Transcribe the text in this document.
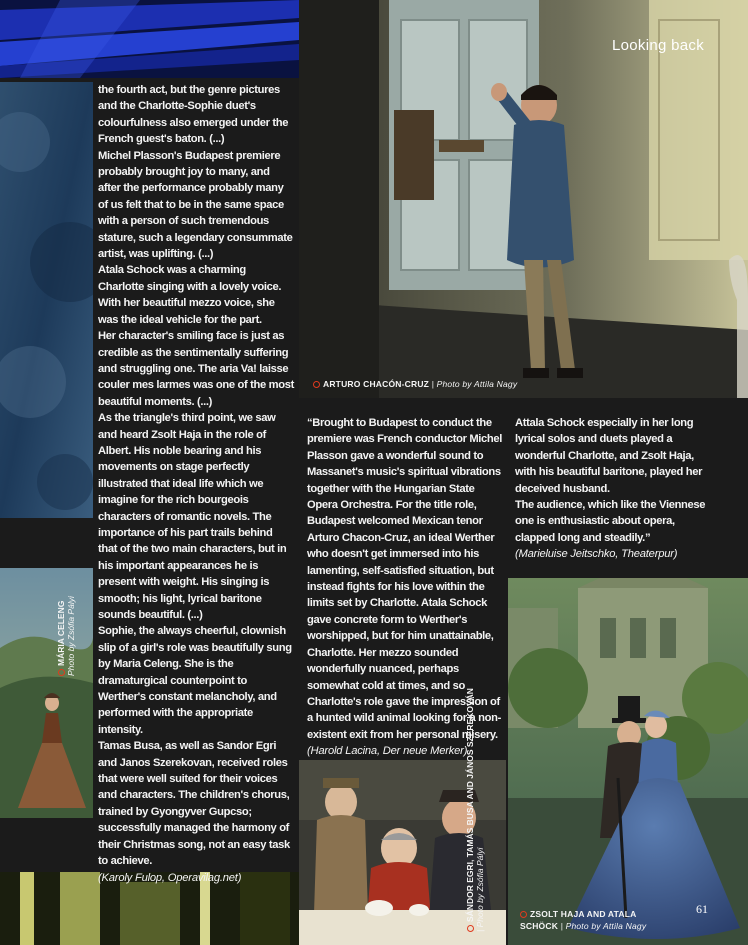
Looking back
ARTURO CHACÓN-CRUZ | Photo by Attila Nagy
MÁRIA CELENG Photo by Zsófia Pályi
SÁNDOR EGRI, TAMÁS BUSA AND JÁNOS SZEREKOVÁN | Photo by Zsófia Pályi	ZSOLT HAJA AND ATALA
SCHÖCK | Photo by Attila Nagy

the fourth act, but the genre pictures and the Charlotte-Sophie duet's colourfulness also emerged under the French guest's baton. (...)

Michel Plasson's Budapest premiere probably brought joy to many, and after the performance probably many of us felt that to be in the same space with a person of such tremendous stature, such a legendary consummate artist, was uplifting. (...)

Atala Schock was a charming Charlotte singing with a lovely voice. With her beautiful mezzo voice, she was the ideal vehicle for the part.

Her character's smiling face is just as credible as the sentimentally suffering and struggling one. The aria Va! laisse couler mes larmes was one of the most beautiful moments. (...)

As the triangle's third point, we saw and heard Zsolt Haja in the role of Albert. His noble bearing and his movements on stage perfectly illustrated that ideal life which we imagine for the rich bourgeois characters of romantic novels. The importance of his part trails behind that of the two main characters, but in his important appearances he is present with weight. His singing is smooth; his light, lyrical baritone sounds beautiful. (...)

Sophie, the always cheerful, clownish slip of a girl's role was beautifully sung by Maria Celeng. She is the dramaturgical counterpoint to Werther's constant melancholy, and performed with the appropriate intensity.

Tamas Busa, as well as Sandor Egri and Janos Szerekovan, received roles that were well suited for their voices and characters. The children's chorus, trained by Gyongyver Gupcso; successfully managed the harmony of their Christmas song, not an easy task to achieve.

(Karoly Fulop, Operavilag.net)

“Brought to Budapest to conduct the premiere was French conductor Michel Plasson gave a wonderful sound to Massanet's music's spiritual vibrations together with the Hungarian State Opera Orchestra. For the title role, Budapest welcomed Mexican tenor Arturo Chacon-Cruz, an ideal Werther who doesn't get immersed into his lamenting, self-satisfied situation, but instead fights for his love within the limits set by Charlotte. Atala Schock gave concrete form to Werther's worshipped, but for him unattainable, Charlotte. Her mezzo sounded wonderfully nuanced, perhaps somewhat cold at times, and so Charlotte's role gave the impression of a hunted wild animal looking for a non-existent exit from her personal misery.

(Harold Lacina, Der neue Merker)

Attala Schock especially in her long lyrical solos and duets played a wonderful Charlotte, and Zsolt Haja, with his beautiful baritone, played her deceived husband.

The audience, which like the Viennese one is enthusiastic about opera, clapped long and steadily.”

(Marieluise Jeitschko, Theaterpur)

61
